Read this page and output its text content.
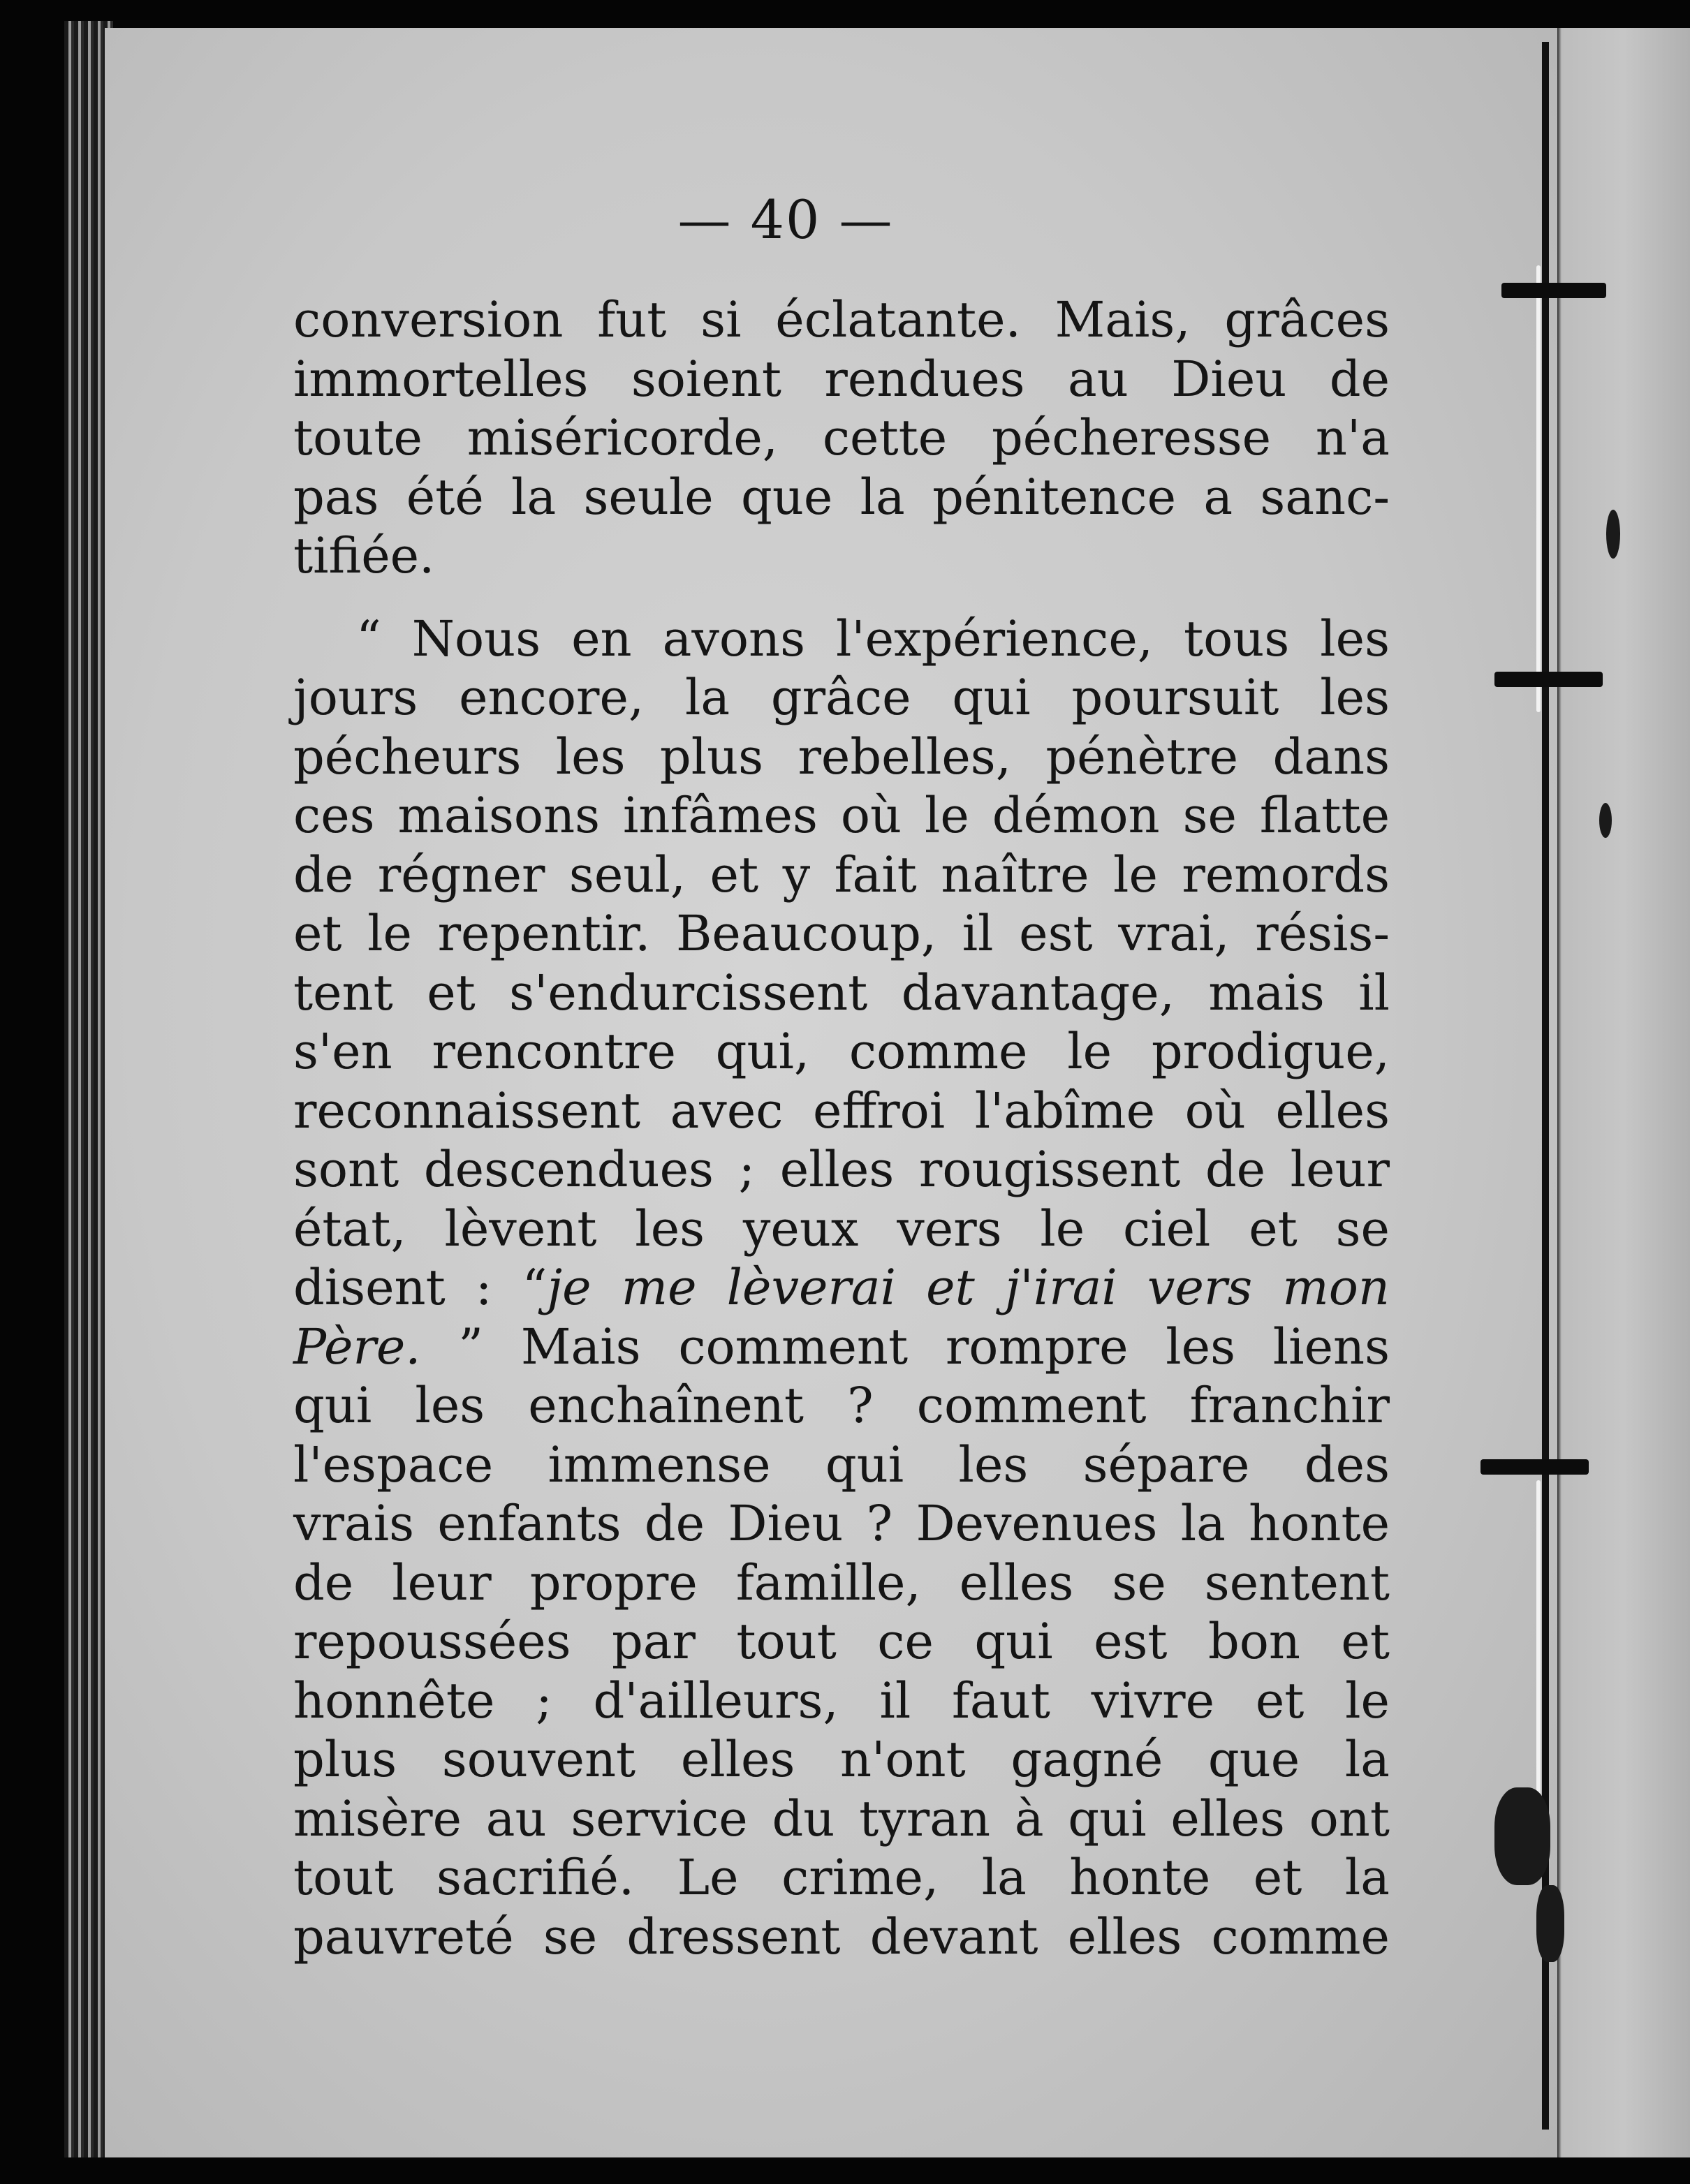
— 40 —
conversion fut si éclatante. Mais, grâces
immortelles soient rendues au Dieu de
toute miséricorde, cette pécheresse n'a
pas été la seule que la pénitence a sanc-
tifiée.
“ Nous en avons l'expérience, tous les
jours encore, la grâce qui poursuit les
pécheurs les plus rebelles, pénètre dans
ces maisons infâmes où le démon se flatte
de régner seul, et y fait naître le remords
et le repentir. Beaucoup, il est vrai, résis-
tent et s'endurcissent davantage, mais il
s'en rencontre qui, comme le prodigue,
reconnaissent avec effroi l'abîme où elles
sont descendues ; elles rougissent de leur
état, lèvent les yeux vers le ciel et se
disent : “je me lèverai et j'irai vers mon
Père. ” Mais comment rompre les liens
qui les enchaînent ? comment franchir
l'espace immense qui les sépare des
vrais enfants de Dieu ? Devenues la honte
de leur propre famille, elles se sentent
repoussées par tout ce qui est bon et
honnête ; d'ailleurs, il faut vivre et le
plus souvent elles n'ont gagné que la
misère au service du tyran à qui elles ont
tout sacrifié. Le crime, la honte et la
pauvreté se dressent devant elles comme
